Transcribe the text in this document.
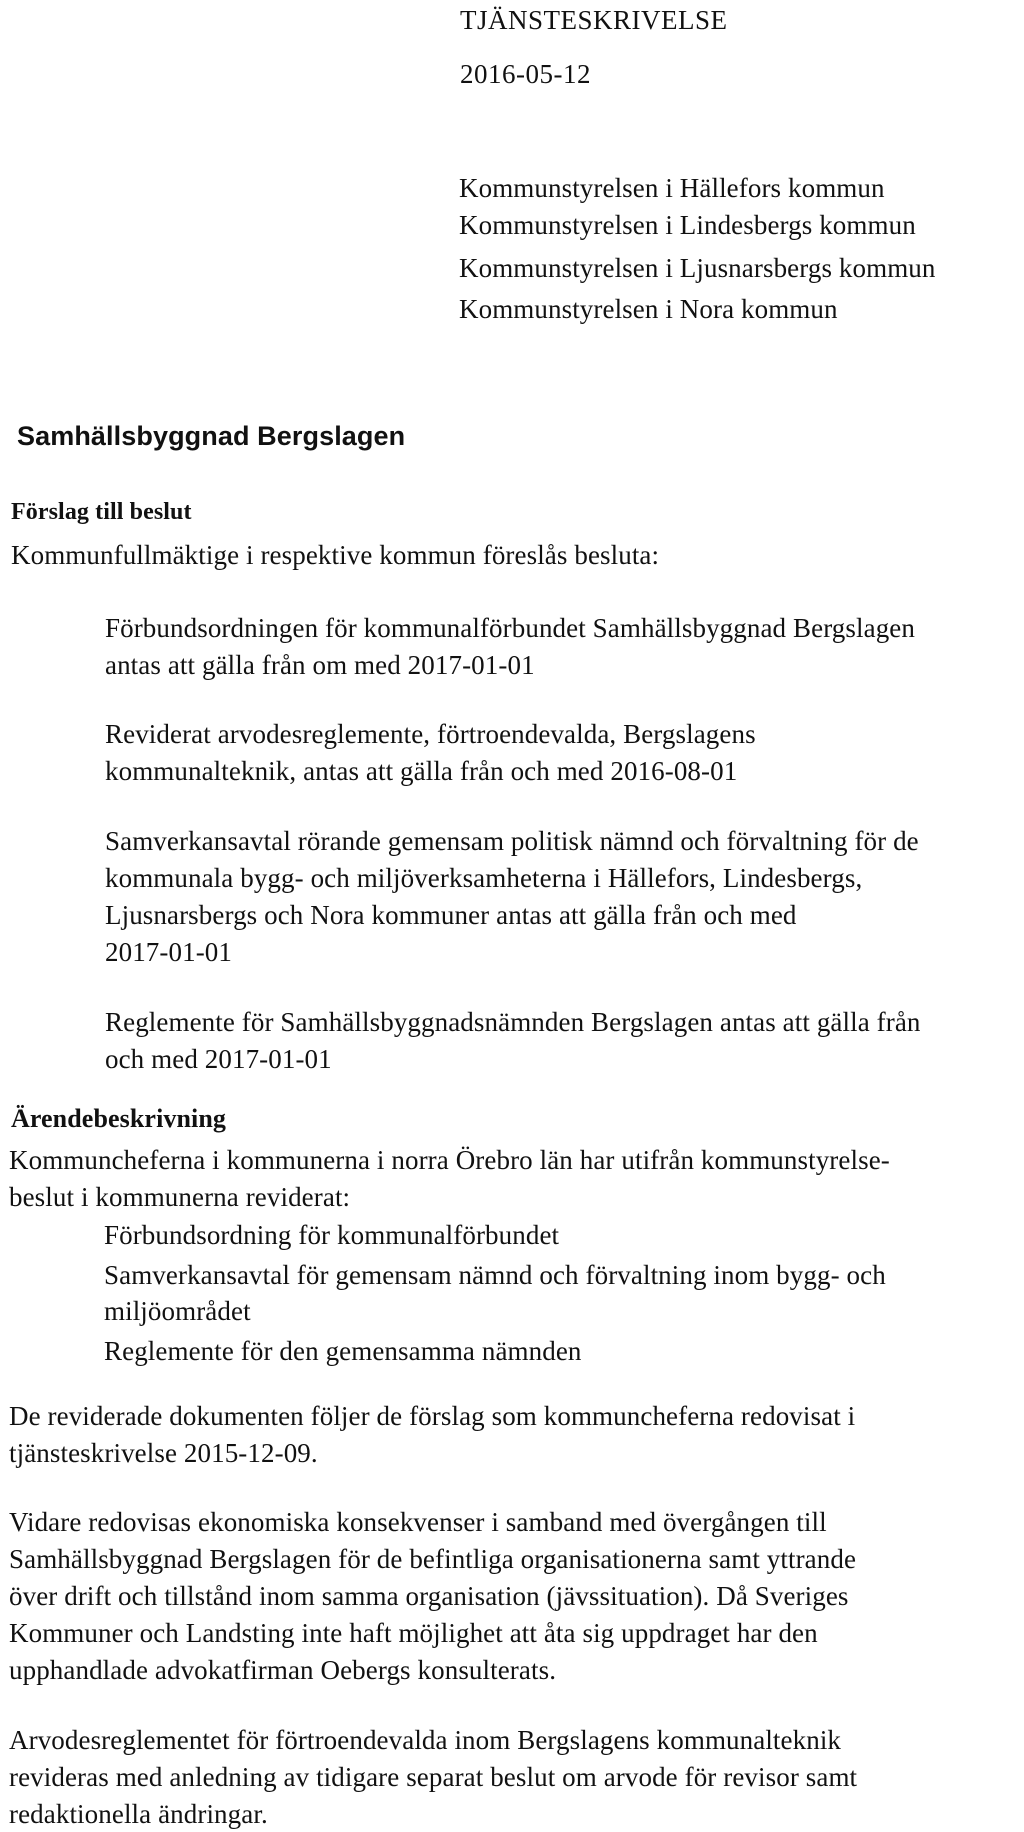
TJÄNSTESKRIVELSE
2016-05-12
Kommunstyrelsen i Hällefors kommun
Kommunstyrelsen i Lindesbergs kommun
Kommunstyrelsen i Ljusnarsbergs kommun
Kommunstyrelsen i Nora kommun
Samhällsbyggnad Bergslagen
Förslag till beslut
Kommunfullmäktige i respektive kommun föreslås besluta:
Förbundsordningen för kommunalförbundet Samhällsbyggnad Bergslagen
antas att gälla från om med 2017-01-01
Reviderat arvodesreglemente, förtroendevalda, Bergslagens
kommunalteknik, antas att gälla från och med 2016-08-01
Samverkansavtal rörande gemensam politisk nämnd och förvaltning för de
kommunala bygg- och miljöverksamheterna i Hällefors, Lindesbergs,
Ljusnarsbergs och Nora kommuner antas att gälla från och med
2017-01-01
Reglemente för Samhällsbyggnadsnämnden Bergslagen antas att gälla från
och med 2017-01-01
Ärendebeskrivning
Kommuncheferna i kommunerna i norra Örebro län har utifrån kommunstyrelse-
beslut i kommunerna reviderat:
Förbundsordning för kommunalförbundet
Samverkansavtal för gemensam nämnd och förvaltning inom bygg- och
miljöområdet
Reglemente för den gemensamma nämnden
De reviderade dokumenten följer de förslag som kommuncheferna redovisat i
tjänsteskrivelse 2015-12-09.
Vidare redovisas ekonomiska konsekvenser i samband med övergången till
Samhällsbyggnad Bergslagen för de befintliga organisationerna samt yttrande
över drift och tillstånd inom samma organisation (jävssituation). Då Sveriges
Kommuner och Landsting inte haft möjlighet att åta sig uppdraget har den
upphandlade advokatfirman Oebergs konsulterats.
Arvodesreglementet för förtroendevalda inom Bergslagens kommunalteknik
revideras med anledning av tidigare separat beslut om arvode för revisor samt
redaktionella ändringar.
